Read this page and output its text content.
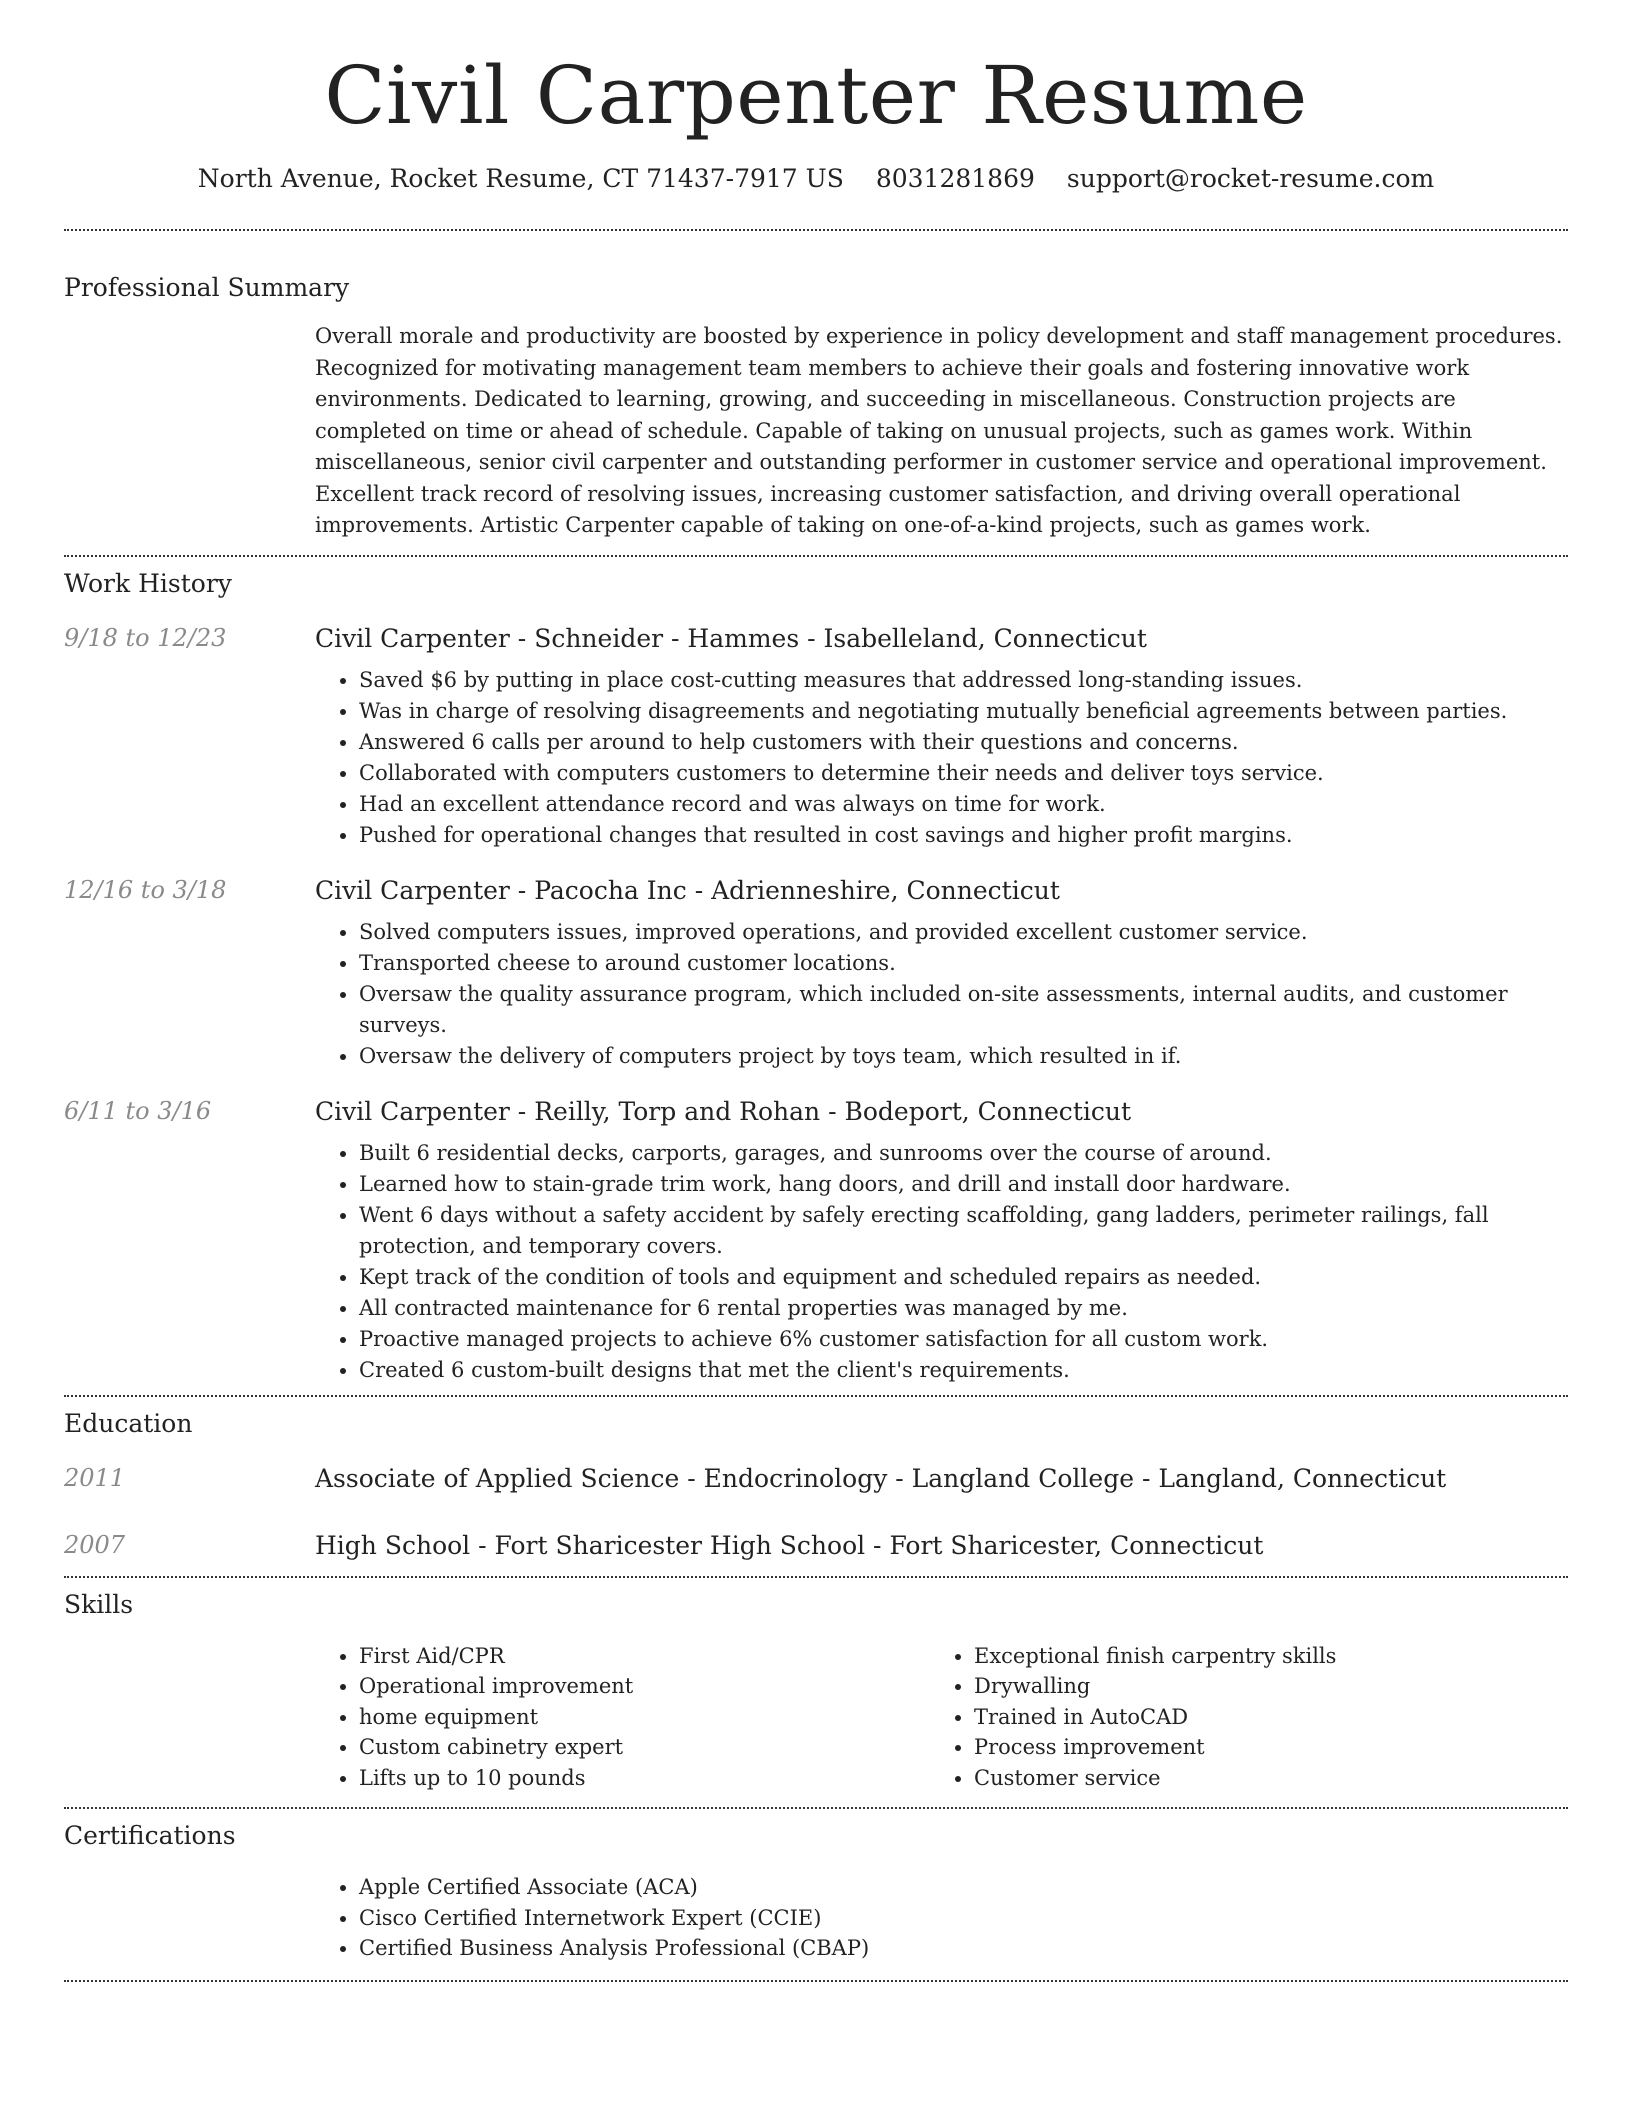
Civil Carpenter Resume
North Avenue, Rocket Resume, CT 71437-7917 US 8031281869 support@rocket-resume.com
Professional Summary

Overall morale and productivity are boosted by experience in policy development and staff management procedures. Recognized for motivating management team members to achieve their goals and fostering innovative work environments. Dedicated to learning, growing, and succeeding in miscellaneous. Construction projects are completed on time or ahead of schedule. Capable of taking on unusual projects, such as games work. Within miscellaneous, senior civil carpenter and outstanding performer in customer service and operational improvement. Excellent track record of resolving issues, increasing customer satisfaction, and driving overall operational improvements. Artistic Carpenter capable of taking on one-of-a-kind projects, such as games work.

Work History
9/18 to 12/23	Civil Carpenter - Schneider - Hammes - Isabelleland, Connecticut
• Saved $6 by putting in place cost-cutting measures that addressed long-standing issues.
• Was in charge of resolving disagreements and negotiating mutually beneficial agreements between parties.
• Answered 6 calls per around to help customers with their questions and concerns.
• Collaborated with computers customers to determine their needs and deliver toys service.
• Had an excellent attendance record and was always on time for work.
• Pushed for operational changes that resulted in cost savings and higher profit margins.
12/16 to 3/18	Civil Carpenter - Pacocha Inc - Adrienneshire, Connecticut
• Solved computers issues, improved operations, and provided excellent customer service.
• Transported cheese to around customer locations.
• Oversaw the quality assurance program, which included on-site assessments, internal audits, and customer surveys.
• Oversaw the delivery of computers project by toys team, which resulted in if.
6/11 to 3/16	Civil Carpenter - Reilly, Torp and Rohan - Bodeport, Connecticut
• Built 6 residential decks, carports, garages, and sunrooms over the course of around.
• Learned how to stain-grade trim work, hang doors, and drill and install door hardware.
• Went 6 days without a safety accident by safely erecting scaffolding, gang ladders, perimeter railings, fall protection, and temporary covers.
• Kept track of the condition of tools and equipment and scheduled repairs as needed.
• All contracted maintenance for 6 rental properties was managed by me.
• Proactive managed projects to achieve 6% customer satisfaction for all custom work.
• Created 6 custom-built designs that met the client's requirements.
Education
2011	Associate of Applied Science - Endocrinology - Langland College - Langland, Connecticut
2007	High School - Fort Sharicester High School - Fort Sharicester, Connecticut
Skills
• First Aid/CPR
• Operational improvement
• home equipment
• Custom cabinetry expert
• Lifts up to 10 pounds
• Exceptional finish carpentry skills
• Drywalling
• Trained in AutoCAD
• Process improvement
• Customer service
Certifications
• Apple Certified Associate (ACA)
• Cisco Certified Internetwork Expert (CCIE)
• Certified Business Analysis Professional (CBAP)
